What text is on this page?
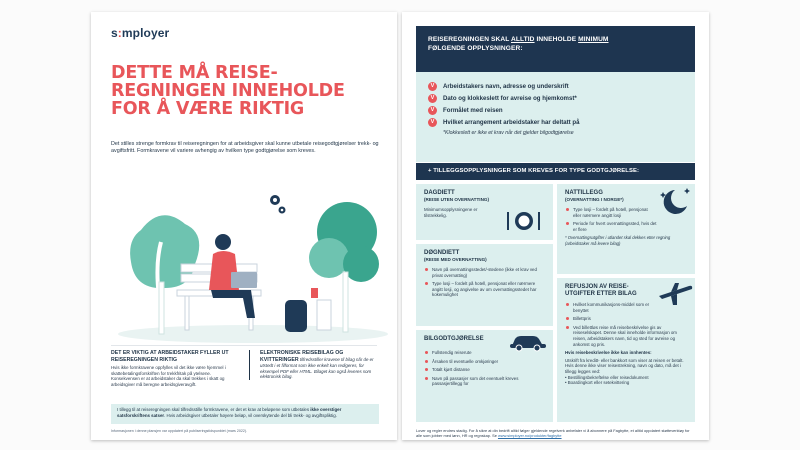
s:mployer
DETTE MÅ REISE-
REGNINGEN INNEHOLDE
FOR Å VÆRE RIKTIG
Det stilles strenge formkrav til reiseregningen for at arbeidsgiver skal kunne utbetale reisegodtgjørelser trekk- og avgiftsfritt. Formkravene vil variere avhengig av hvilken type godtgjørelse som kreves.
DET ER VIKTIG AT ARBEIDSTAKER FYLLER UT REISEREGNINGEN RIKTIG

Hvis ikke formkravene oppfylles vil det ikke være hjemmel i skattebetalingsforskriften for trekkfritak på ytelsene. Konsekvensen er at arbeidstaker da skal trekkes i skatt og arbeidsgiver må beregne arbeidsgiveravgift.

ELEKTRONISKE REISEBILAG OG KVITTERINGER tilfredsstiller kravene til bilag når de er utstedt i et filformat som ikke enkelt kan redigeres, for eksempel PDF eller HTML. Bilaget kan også leveres som elektronisk bilag.

I tillegg til at reiseregningen skal tilfredsstille formkravene, er det et krav at beløpene som utbetales ikke overstiger satsforskriftens satser. Hvis arbeidsgiver utbetaler høyere beløp, vil overskytende del bli trekk- og avgiftspliktig.
Informasjonen i denne plansjen var oppdatert på publiseringstidspunktet (mars 2022).
REISEREGNINGEN SKAL ALLTID INNEHOLDE MINIMUM
FØLGENDE OPPLYSNINGER:
V	Arbeidstakers navn, adresse og underskrift
V	Dato og klokkeslett for avreise og hjemkomst*
V	Formålet med reisen
V	Hvilket arrangement arbeidstaker har deltatt på
*Klokkeslett er ikke et krav når det gjelder bilgodtgjørelse
+ TILLEGGSOPPLYSNINGER SOM KREVES FOR TYPE GODTGJØRELSE:
DAGDIETT
(REISE UTEN OVERNATTING)

Minimumsopplysningene er tilstrekkelig.

DØGNDIETT
(REISE MED OVERNATTING)
Navn på overnattingsstedet/-stedene (ikke et krav ved privat overnatting)
Type losji – fordelt på hotell, pensjonat eller nærmere angitt losji, og angivelse av om overnattingsstedet har kokemulighet
BILGODTGJØRELSE
Fullstendig reiserute
Årsaken til eventuelle omkjøringer
Totalt kjørt distanse
Navn på passasjer som det eventuelt kreves passasjertillegg for
NATTILLEGG
(OVERNATTING I NORGE*)
Type losji – fordelt på hotell, pensjonat eller nærmere angitt losji
Periode for hvert overnattingssted, hvis det er flere
* Overnattingsutgifter i utlandet skal dekkes etter regning (arbeidstaker må levere bilag)
REFUSJON AV REISE-UTGIFTER ETTER BILAG
Hvilket kommunikasjons-middel som er benyttet
Billettpris
Ved billettløs reise må reisebeskrivelse gis av reiseselskapet. Denne skal inneholde informasjon om reisen, arbeidstakers navn, tid og sted for avreise og ankomst og pris.

Hvis reisebeskrivelse ikke kan innhentes:

Utskrift fra kreditt- eller bankkort som viser at reisen er betalt. Hvis denne ikke viser reisestrekning, navn og dato, må det i tillegg legges ved:

• Bestillingsbekreftelse eller reisedokument

• Boardingkort eller setekvittering

Lover og regler endres stadig. For å sikre at din bedrift alltid følger gjeldende regelverk anbefaler vi å abonnere på Fagbytte, et alltid oppdatert støtteverktøy for alle som jobber med lønn, HR og regnskap. Se www.simployer.no/produkter/fagbytte
